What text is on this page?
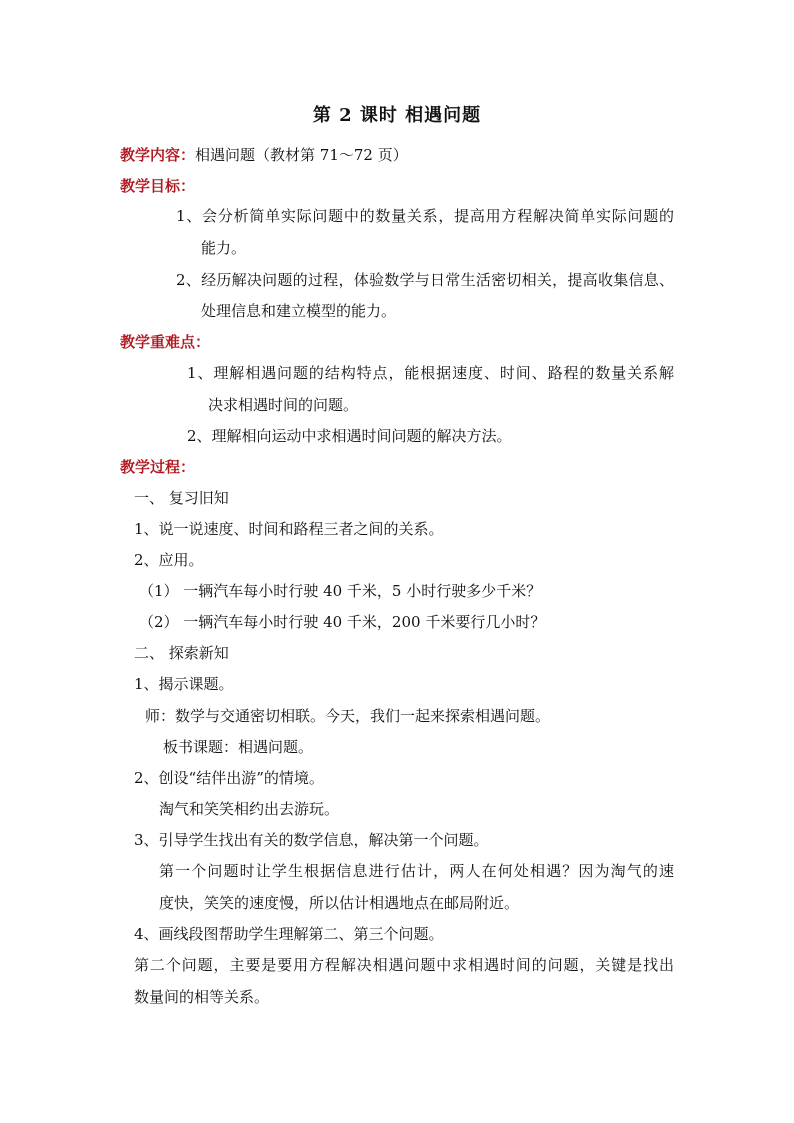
第 2 课时 相遇问题
教学内容：相遇问题（教材第 71～72 页）
教学目标：
1、会分析简单实际问题中的数量关系，提高用方程解决简单实际问题的
能力。
2、经历解决问题的过程，体验数学与日常生活密切相关，提高收集信息、
处理信息和建立模型的能力。
教学重难点：
1、理解相遇问题的结构特点，能根据速度、时间、路程的数量关系解
决求相遇时间的问题。
2、理解相向运动中求相遇时间问题的解决方法。
教学过程：
一、 复习旧知
1、说一说速度、时间和路程三者之间的关系。
2、应用。
（1） 一辆汽车每小时行驶 40 千米，5 小时行驶多少千米？
（2） 一辆汽车每小时行驶 40 千米，200 千米要行几小时？
二、 探索新知
1、揭示课题。
师：数学与交通密切相联。今天，我们一起来探索相遇问题。
板书课题：相遇问题。
2、创设“结伴出游”的情境。
淘气和笑笑相约出去游玩。
3、引导学生找出有关的数学信息，解决第一个问题。
第一个问题时让学生根据信息进行估计，两人在何处相遇？因为淘气的速
度快，笑笑的速度慢，所以估计相遇地点在邮局附近。
4、画线段图帮助学生理解第二、第三个问题。
第二个问题，主要是要用方程解决相遇问题中求相遇时间的问题，关键是找出
数量间的相等关系。
